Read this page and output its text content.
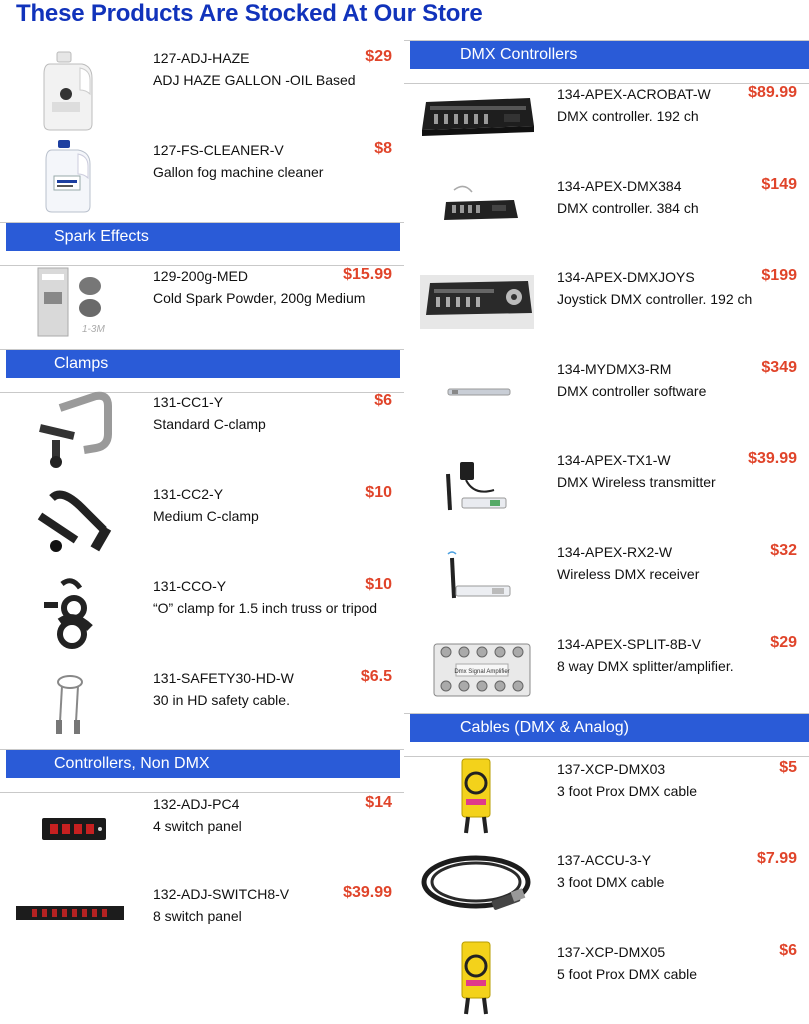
These Products Are Stocked At Our Store
127-ADJ-HAZE
ADJ HAZE GALLON -OIL Based
$29
127-FS-CLEANER-V
Gallon fog machine cleaner
$8
Spark Effects
1-3M
129-200g-MED
Cold Spark Powder, 200g Medium
$15.99
Clamps
131-CC1-Y
Standard C-clamp
$6
131-CC2-Y
Medium C-clamp
$10
131-CCO-Y
“O” clamp for 1.5 inch truss or tripod
$10
131-SAFETY30-HD-W
30 in HD safety cable.
$6.5
Controllers, Non DMX
132-ADJ-PC4
4 switch panel
$14
132-ADJ-SWITCH8-V
8 switch panel
$39.99
DMX Controllers
134-APEX-ACROBAT-W
DMX controller. 192 ch
$89.99
134-APEX-DMX384
DMX controller. 384 ch
$149
134-APEX-DMXJOYS
Joystick DMX controller. 192 ch
$199
134-MYDMX3-RM
DMX controller software
$349
134-APEX-TX1-W
DMX Wireless transmitter
$39.99
134-APEX-RX2-W
Wireless DMX receiver
$32
Dmx Signal Amplifier
134-APEX-SPLIT-8B-V
8 way DMX splitter/amplifier.
$29
Cables (DMX & Analog)
137-XCP-DMX03
3 foot Prox DMX cable
$5
137-ACCU-3-Y
3 foot DMX cable
$7.99
137-XCP-DMX05
5 foot Prox DMX cable
$6
